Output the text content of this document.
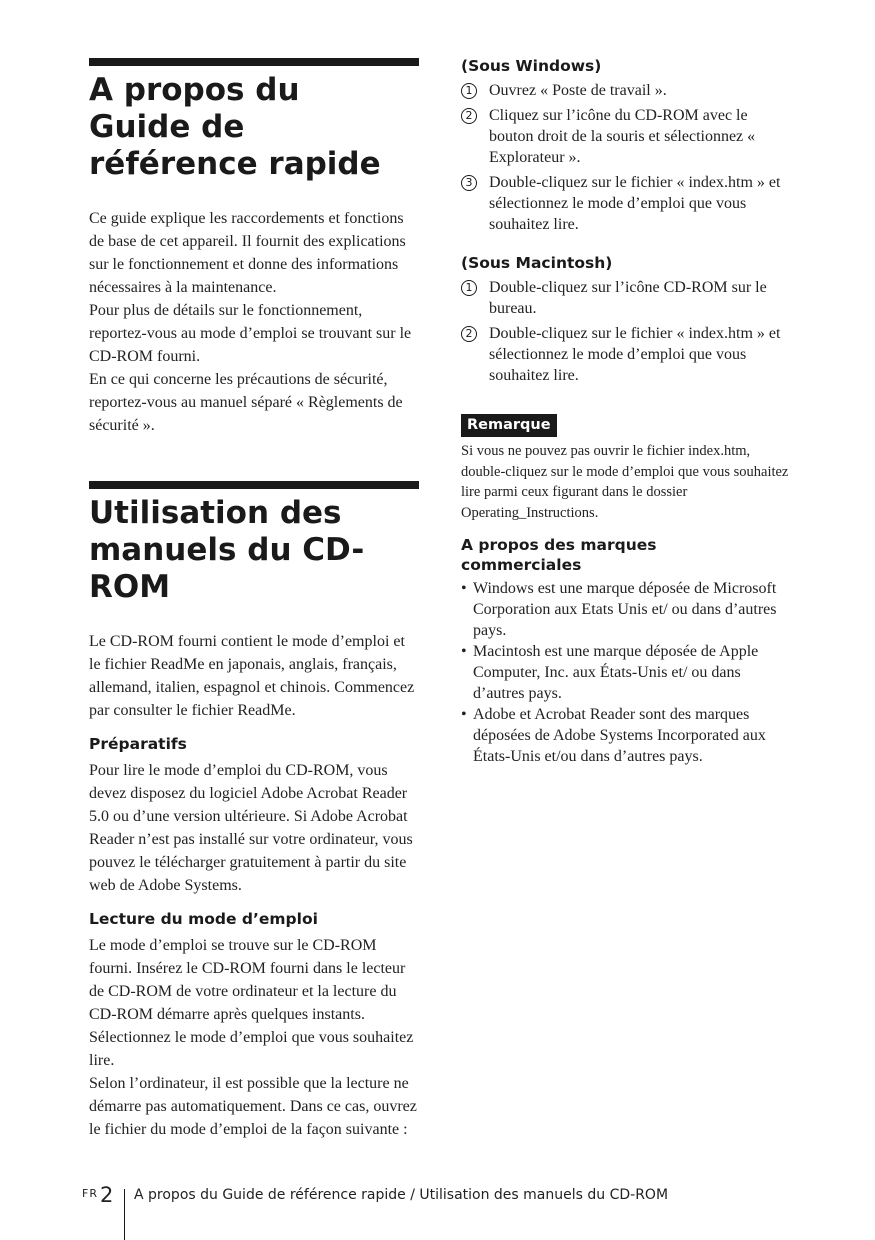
A propos du Guide de référence rapide

Ce guide explique les raccordements et fonctions de base de cet appareil. Il fournit des explications sur le fonctionnement et donne des informations nécessaires à la maintenance.

Pour plus de détails sur le fonctionnement, reportez-vous au mode d’emploi se trouvant sur le CD-ROM fourni.

En ce qui concerne les précautions de sécurité, reportez-vous au manuel séparé « Règlements de sécurité ».

Utilisation des manuels du CD-ROM

Le CD-ROM fourni contient le mode d’emploi et le fichier ReadMe en japonais, anglais, français, allemand, italien, espagnol et chinois. Commencez par consulter le fichier ReadMe.

Préparatifs

Pour lire le mode d’emploi du CD-ROM, vous devez disposez du logiciel Adobe Acrobat Reader 5.0 ou d’une version ultérieure. Si Adobe Acrobat Reader n’est pas installé sur votre ordinateur, vous pouvez le télécharger gratuitement à partir du site web de Adobe Systems.

Lecture du mode d’emploi

Le mode d’emploi se trouve sur le CD-ROM fourni. Insérez le CD-ROM fourni dans le lecteur de CD-ROM de votre ordinateur et la lecture du CD-ROM démarre après quelques instants. Sélectionnez le mode d’emploi que vous souhaitez lire.

Selon l’ordinateur, il est possible que la lecture ne démarre pas automatiquement. Dans ce cas, ouvrez le fichier du mode d’emploi de la façon suivante :

(Sous Windows)
1 Ouvrez « Poste de travail ».
2 Cliquez sur l’icône du CD-ROM avec le bouton droit de la souris et sélectionnez « Explorateur ».
3 Double-cliquez sur le fichier « index.htm » et sélectionnez le mode d’emploi que vous souhaitez lire.
(Sous Macintosh)
1 Double-cliquez sur l’icône CD-ROM sur le bureau.
2 Double-cliquez sur le fichier « index.htm » et sélectionnez le mode d’emploi que vous souhaitez lire.
Remarque

Si vous ne pouvez pas ouvrir le fichier index.htm, double-cliquez sur le mode d’emploi que vous souhaitez lire parmi ceux figurant dans le dossier Operating_Instructions.

A propos des marques commerciales
• Windows est une marque déposée de Microsoft Corporation aux Etats Unis et/ ou dans d’autres pays.
• Macintosh est une marque déposée de Apple Computer, Inc. aux États-Unis et/ ou dans d’autres pays.
• Adobe et Acrobat Reader sont des marques déposées de Adobe Systems Incorporated aux États-Unis et/ou dans d’autres pays.
FR 2 A propos du Guide de référence rapide / Utilisation des manuels du CD-ROM
